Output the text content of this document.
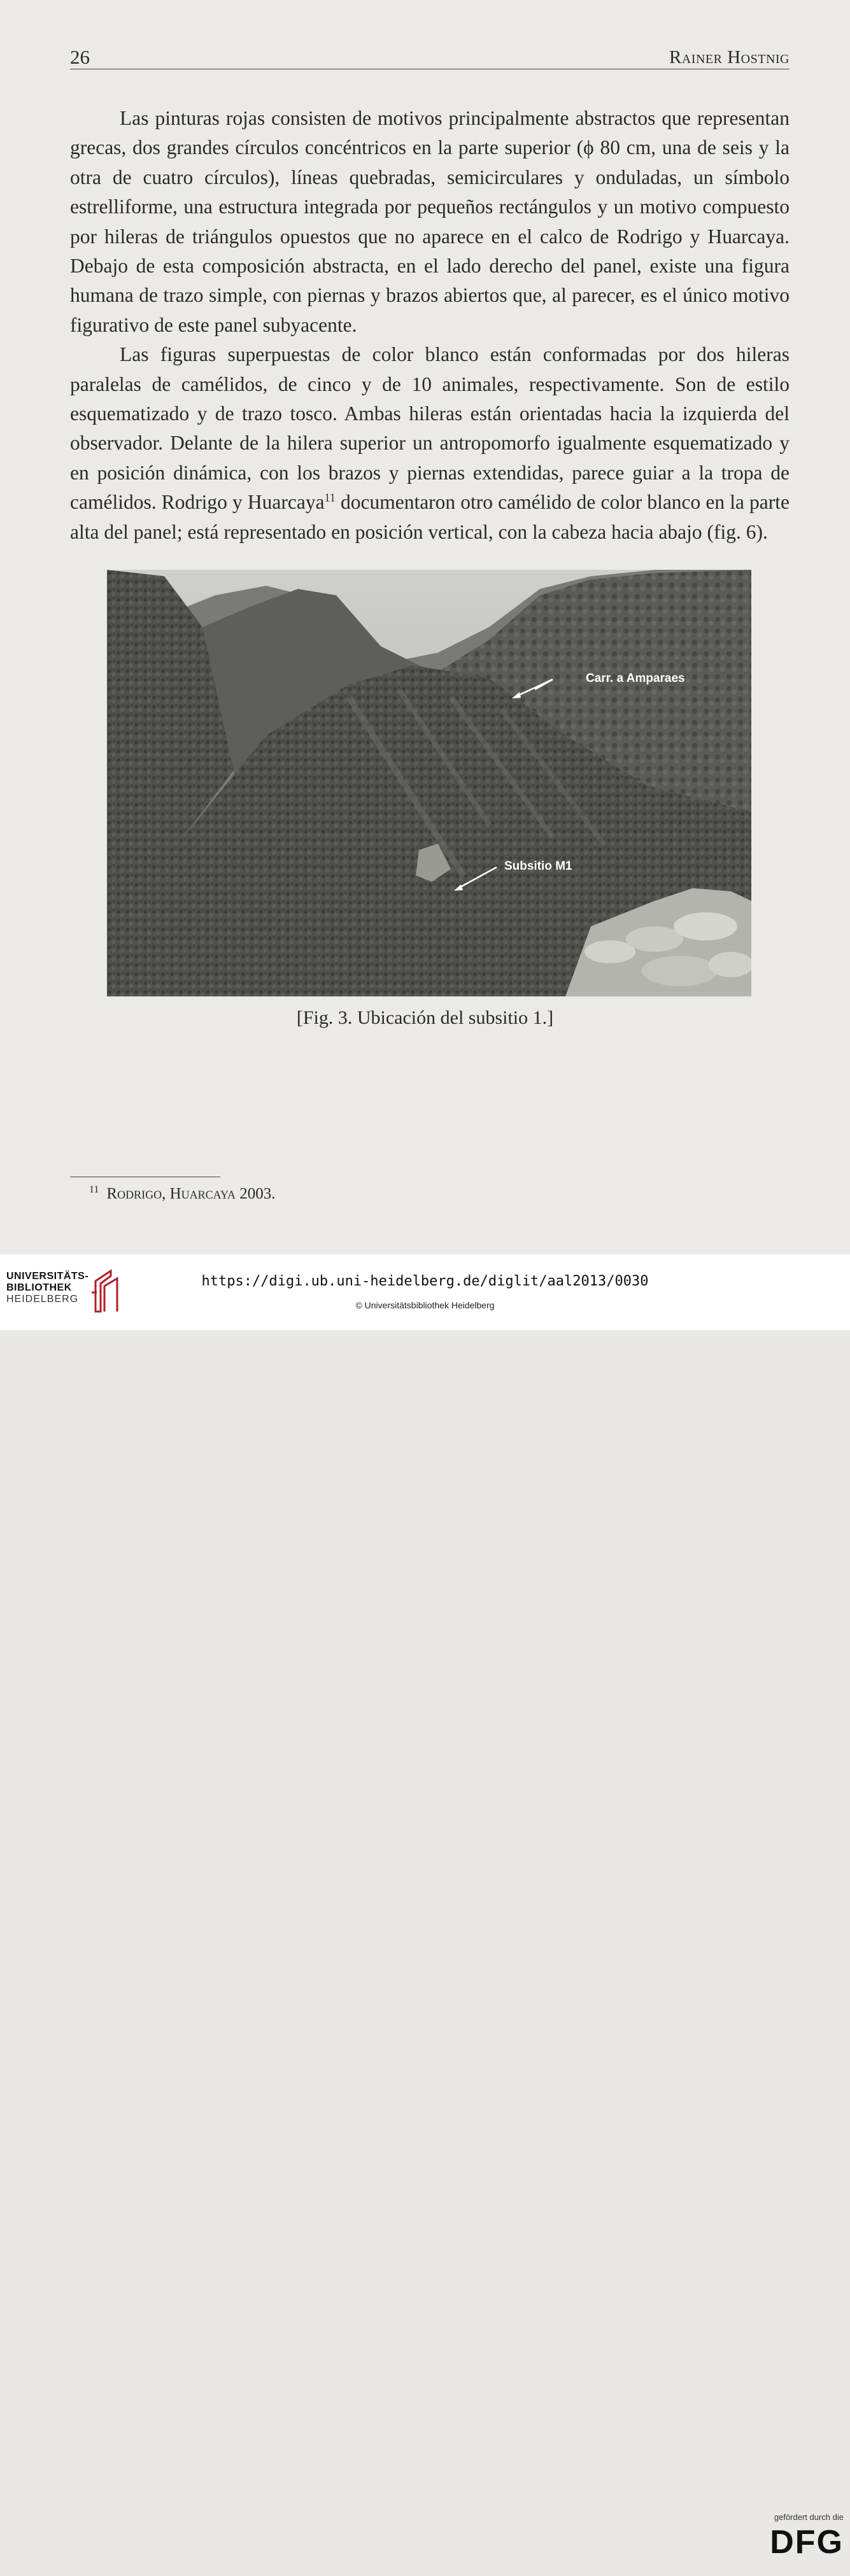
26	Rainer Hostnig

Las pinturas rojas consisten de motivos principalmente abstractos que representan grecas, dos grandes círculos concéntricos en la parte superior (ϕ 80 cm, una de seis y la otra de cuatro círculos), líneas quebradas, semicirculares y onduladas, un símbolo estrelliforme, una estructura integrada por pequeños rectángulos y un motivo compuesto por hileras de triángulos opuestos que no aparece en el calco de Rodrigo y Huarcaya. Debajo de esta composición abstracta, en el lado derecho del panel, existe una figura humana de trazo simple, con piernas y brazos abiertos que, al parecer, es el único motivo figurativo de este panel subyacente.

Las figuras superpuestas de color blanco están conformadas por dos hileras paralelas de camélidos, de cinco y de 10 animales, respectivamente. Son de estilo esquematizado y de trazo tosco. Ambas hileras están orientadas hacia la izquierda del observador. Delante de la hilera superior un antropomorfo igualmente esquematizado y en posición dinámica, con los brazos y piernas extendidas, parece guiar a la tropa de camélidos. Rodrigo y Huarcaya$^{11}$ documentaron otro camélido de color blanco en la parte alta del panel; está representado en posición vertical, con la cabeza hacia abajo (fig. 6).

Carr. a Amparaes
Subsitio M1
[Fig. 3. Ubicación del subsitio 1.]
$^{11}$ Rodrigo, Huarcaya 2003.
UNIVERSITÄTS-
BIBLIOTHEK
HEIDELBERG
gefördert durch die
DFG
https://digi.ub.uni-heidelberg.de/diglit/aal2013/0030
© Universitätsbibliothek Heidelberg
